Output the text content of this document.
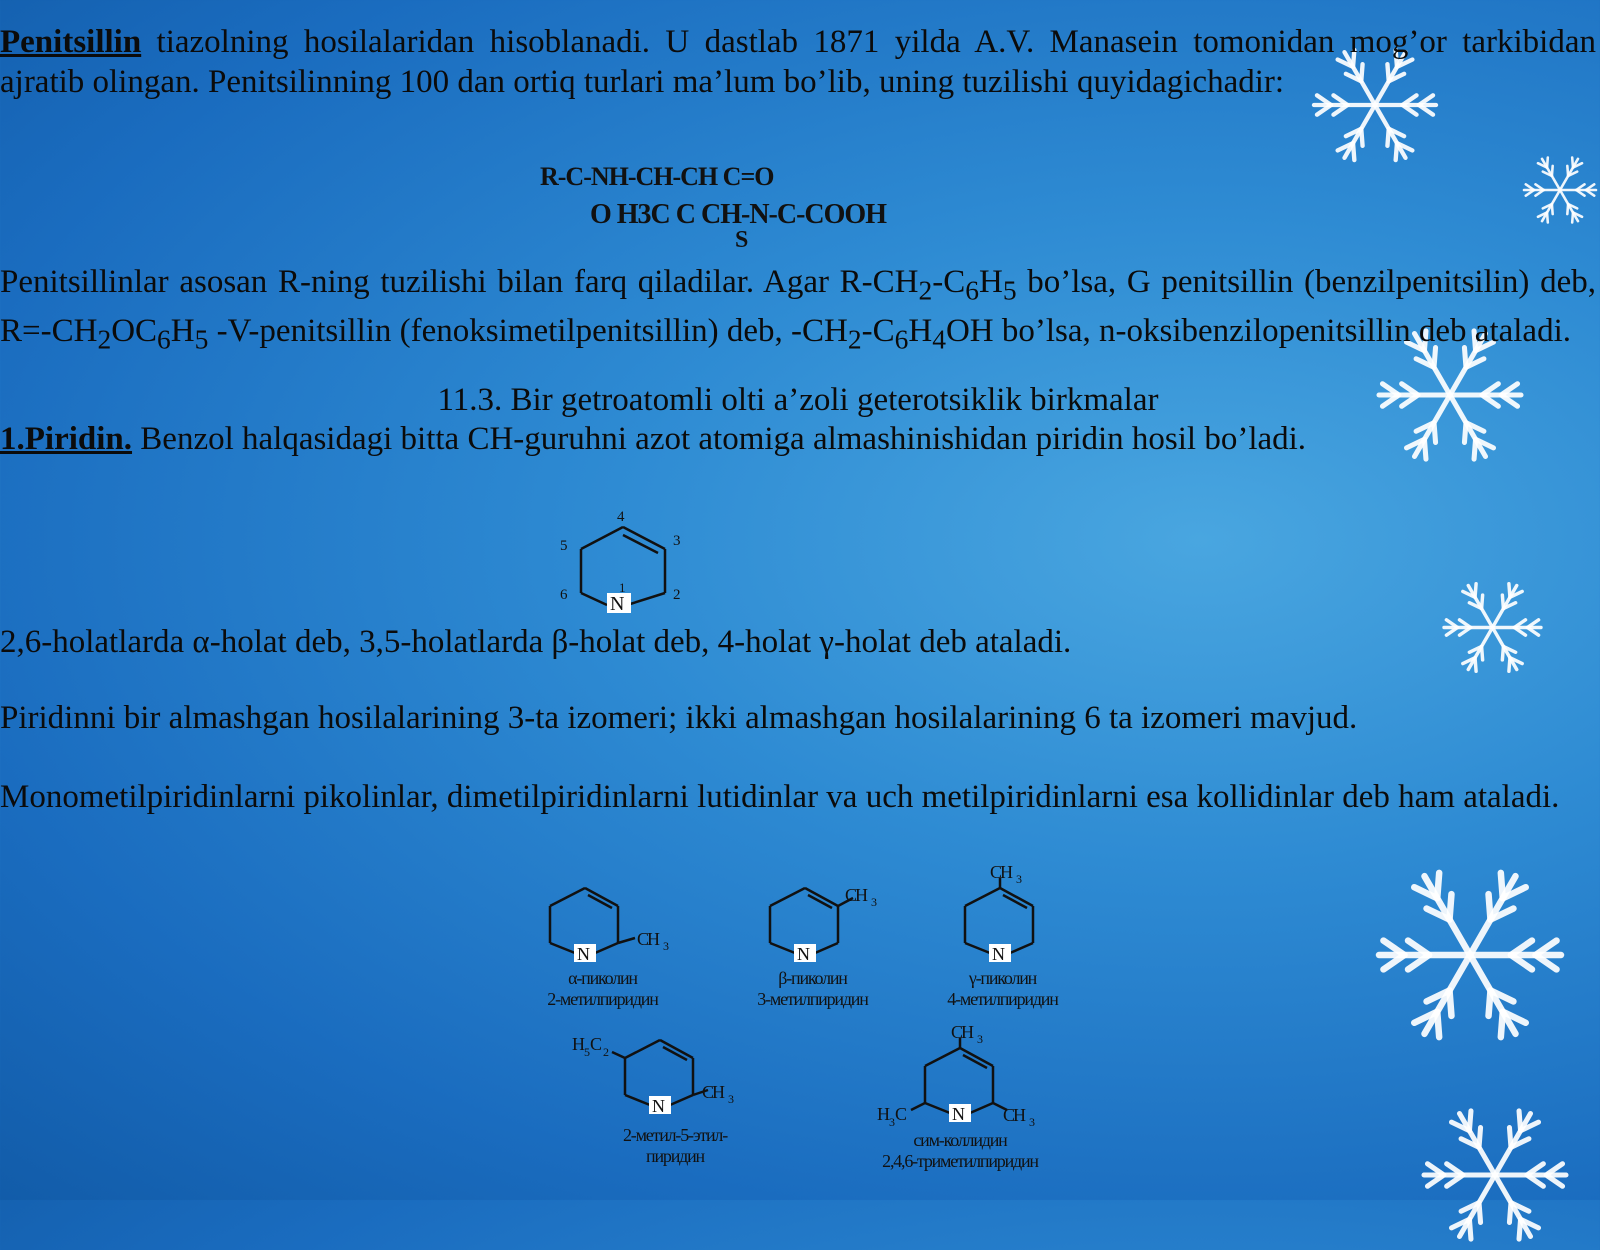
Penitsillin tiazolning hosilalaridan hisoblanadi. U dastlab 1871 yilda A.V. Manasein tomonidan mog’or tarkibidan ajratib olingan. Penitsilinning 100 dan ortiq turlari ma’lum bo’lib, uning tuzilishi quyidagichadir:

R-C-NH-CH-CH C=O
O H3C C CH-N-C-COOH
S

Penitsillinlar asosan R-ning tuzilishi bilan farq qiladilar. Agar $R-CH_2-C_6H_5$ bo’lsa, G penitsillin (benzilpenitsilin) deb, $R=-CH_2OC_6H_5$ -V-penitsillin (fenoksimetilpenitsillin) deb, $-CH_2-C_6H_4OH$ bo’lsa, n-oksibenzilopenitsillin deb ataladi.

11.3. Bir getroatomli olti a’zoli geterotsiklik birkmalar

1.Piridin. Benzol halqasidagi bitta CH-guruhni azot atomiga almashinishidan piridin hosil bo’ladi.

N
4
3
5
6	2
1

2,6-holatlarda α-holat deb, 3,5-holatlarda β-holat deb, 4-holat γ-holat deb ataladi.

Piridinni bir almashgan hosilalarining 3-ta izomeri; ikki almashgan hosilalarining 6 ta izomeri mavjud.

Monometilpiridinlarni pikolinlar, dimetilpiridinlarni lutidinlar va uch metilpiridinlarni esa kollidinlar deb ham ataladi.

N
CH 3
α-пиколин
2-метилпиридин
N
CH 3
β-пиколин
3-метилпиридин
N
CH 3
γ-пиколин
4-метилпиридин
N
CH 3
H 5 C 2
2-метил-5-этил-
пиридин
N
CH 3
CH 3
H 3 C
сим-коллидин
2,4,6-триметилпиридин
